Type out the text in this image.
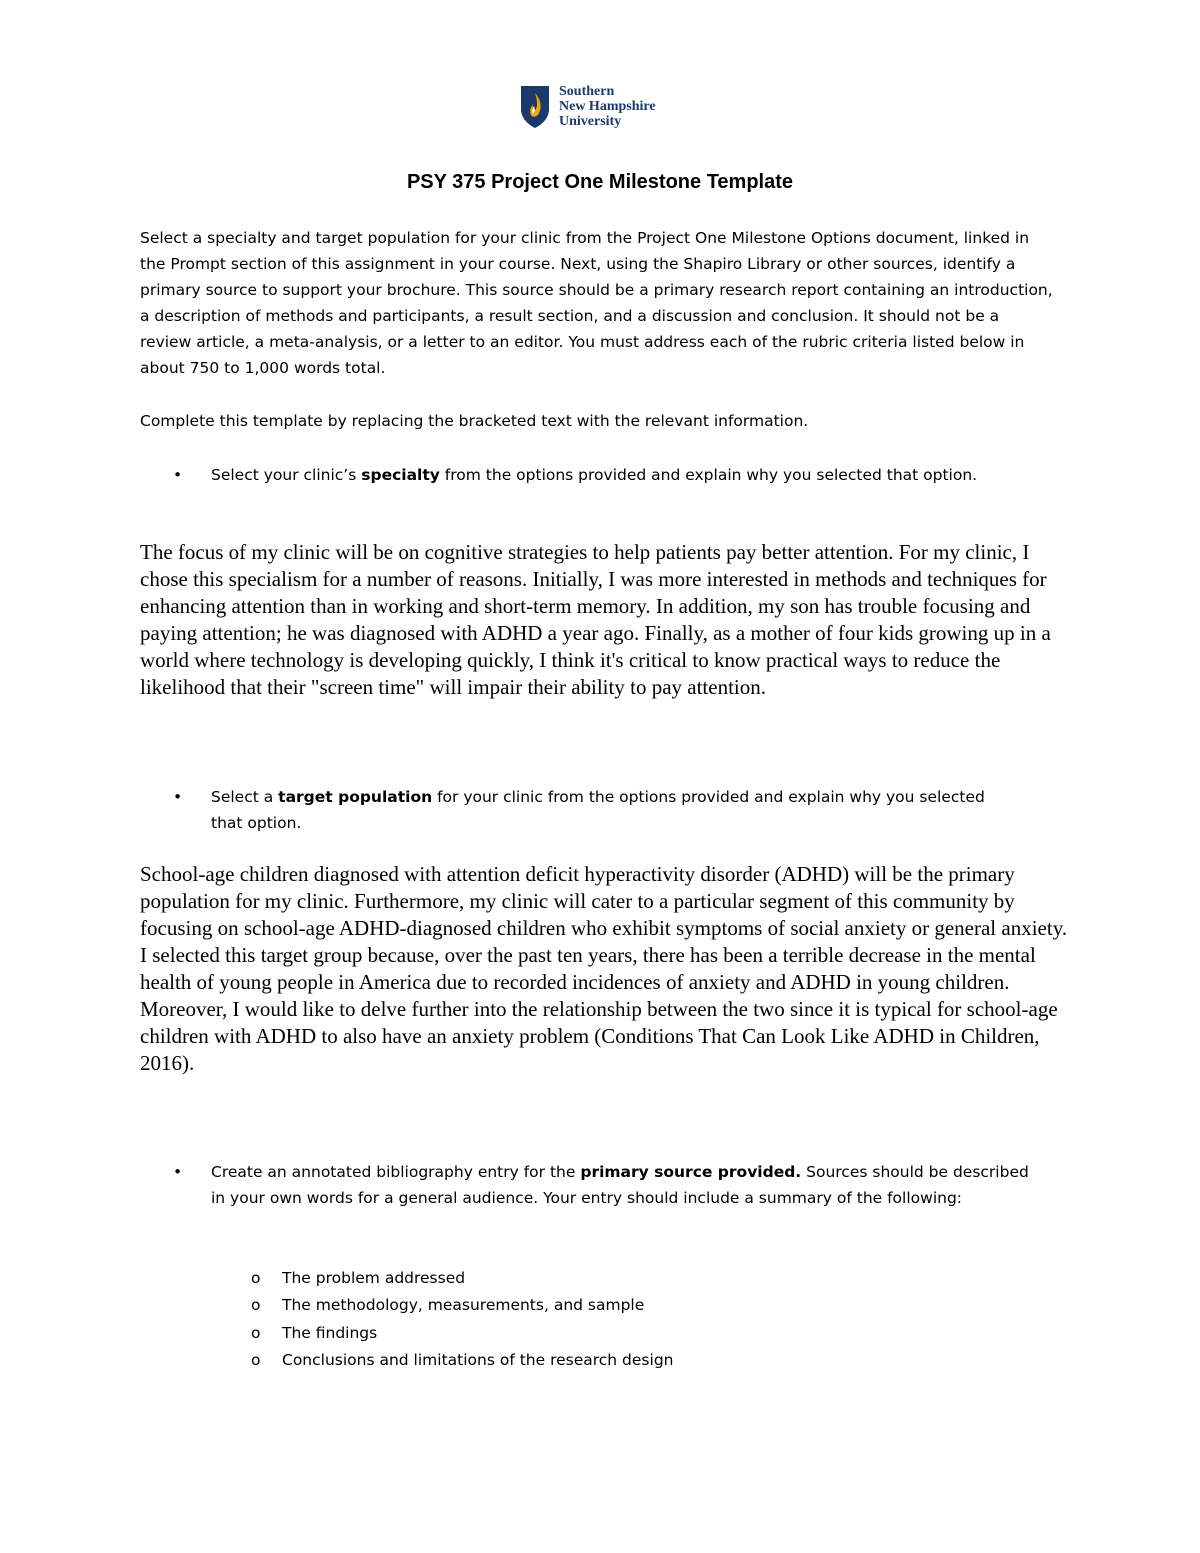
Southern
New Hampshire
University
PSY 375 Project One Milestone Template

Select a specialty and target population for your clinic from the Project One Milestone Options document, linked in the Prompt section of this assignment in your course. Next, using the Shapiro Library or other sources, identify a primary source to support your brochure. This source should be a primary research report containing an introduction, a description of methods and participants, a result section, and a discussion and conclusion. It should not be a review article, a meta-analysis, or a letter to an editor. You must address each of the rubric criteria listed below in about 750 to 1,000 words total.

Complete this template by replacing the bracketed text with the relevant information.

•	Select your clinic’s specialty from the options provided and explain why you selected that option.

The focus of my clinic will be on cognitive strategies to help patients pay better attention. For my clinic, I chose this specialism for a number of reasons. Initially, I was more interested in methods and techniques for enhancing attention than in working and short-term memory. In addition, my son has trouble focusing and paying attention; he was diagnosed with ADHD a year ago. Finally, as a mother of four kids growing up in a world where technology is developing quickly, I think it's critical to know practical ways to reduce the likelihood that their "screen time" will impair their ability to pay attention.

•	Select a target population for your clinic from the options provided and explain why you selected that option.

School-age children diagnosed with attention deficit hyperactivity disorder (ADHD) will be the primary population for my clinic. Furthermore, my clinic will cater to a particular segment of this community by focusing on school-age ADHD-diagnosed children who exhibit symptoms of social anxiety or general anxiety. I selected this target group because, over the past ten years, there has been a terrible decrease in the mental health of young people in America due to recorded incidences of anxiety and ADHD in young children. Moreover, I would like to delve further into the relationship between the two since it is typical for school-age children with ADHD to also have an anxiety problem (Conditions That Can Look Like ADHD in Children, 2016).

•	Create an annotated bibliography entry for the primary source provided. Sources should be described in your own words for a general audience. Your entry should include a summary of the following:
o	The problem addressed
o	The methodology, measurements, and sample
o	The findings
o	Conclusions and limitations of the research design
